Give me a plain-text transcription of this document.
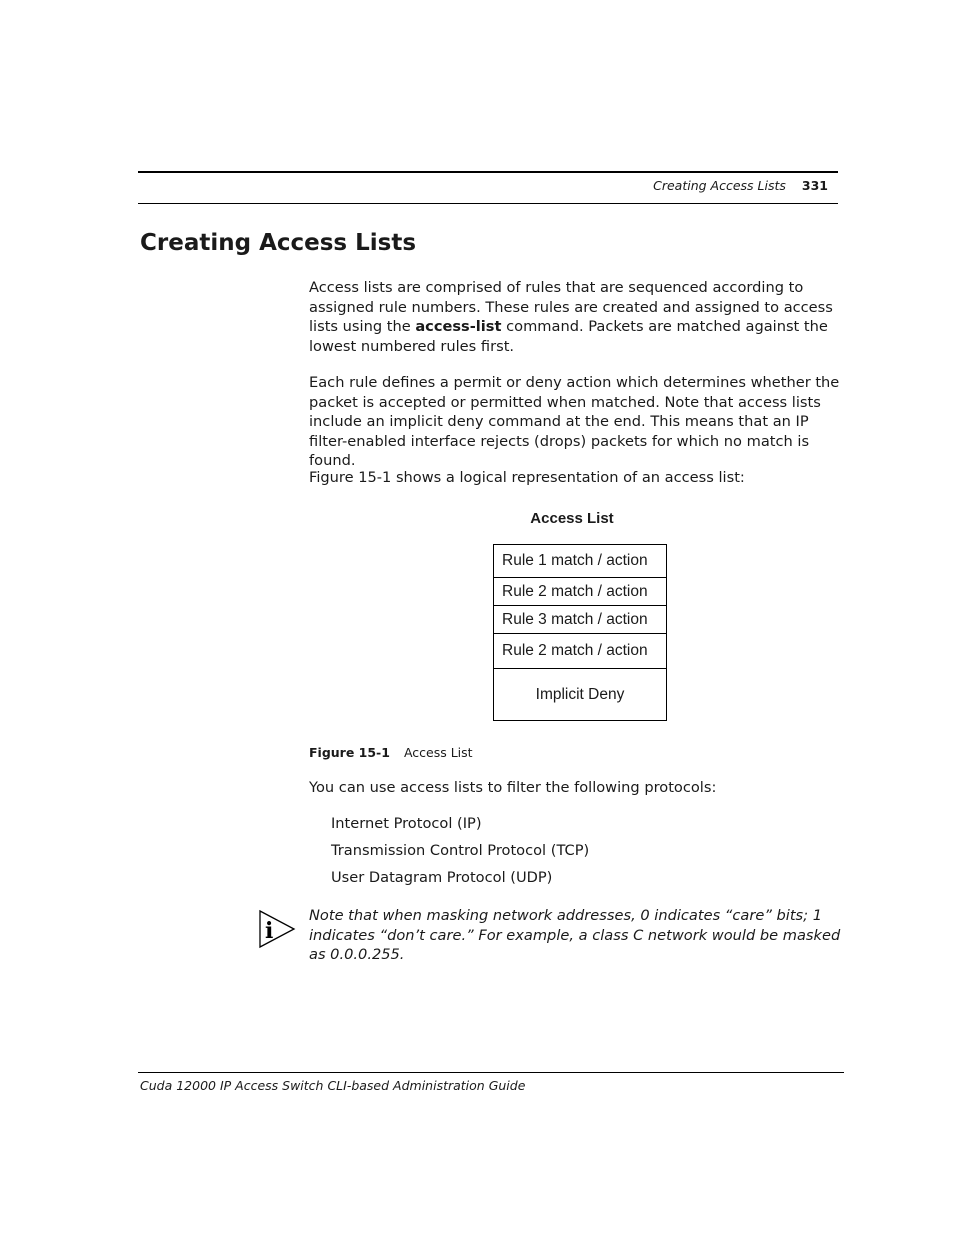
Creating Access Lists 331
Creating Access Lists

Access lists are comprised of rules that are sequenced according to assigned rule numbers. These rules are created and assigned to access lists using the access-list command. Packets are matched against the lowest numbered rules first.

Each rule defines a permit or deny action which determines whether the packet is accepted or permitted when matched. Note that access lists include an implicit deny command at the end. This means that an IP filter-enabled interface rejects (drops) packets for which no match is found.

Figure 15-1 shows a logical representation of an access list:

Access List
Rule 1 match / action
Rule 2 match / action
Rule 3 match / action
Rule 2 match / action
Implicit Deny
Figure 15-1 Access List

You can use access lists to filter the following protocols:

Internet Protocol (IP)
Transmission Control Protocol (TCP)
User Datagram Protocol (UDP)
i

Note that when masking network addresses, 0 indicates “care” bits; 1 indicates “don’t care.” For example, a class C network would be masked as 0.0.0.255.

Cuda 12000 IP Access Switch CLI-based Administration Guide
